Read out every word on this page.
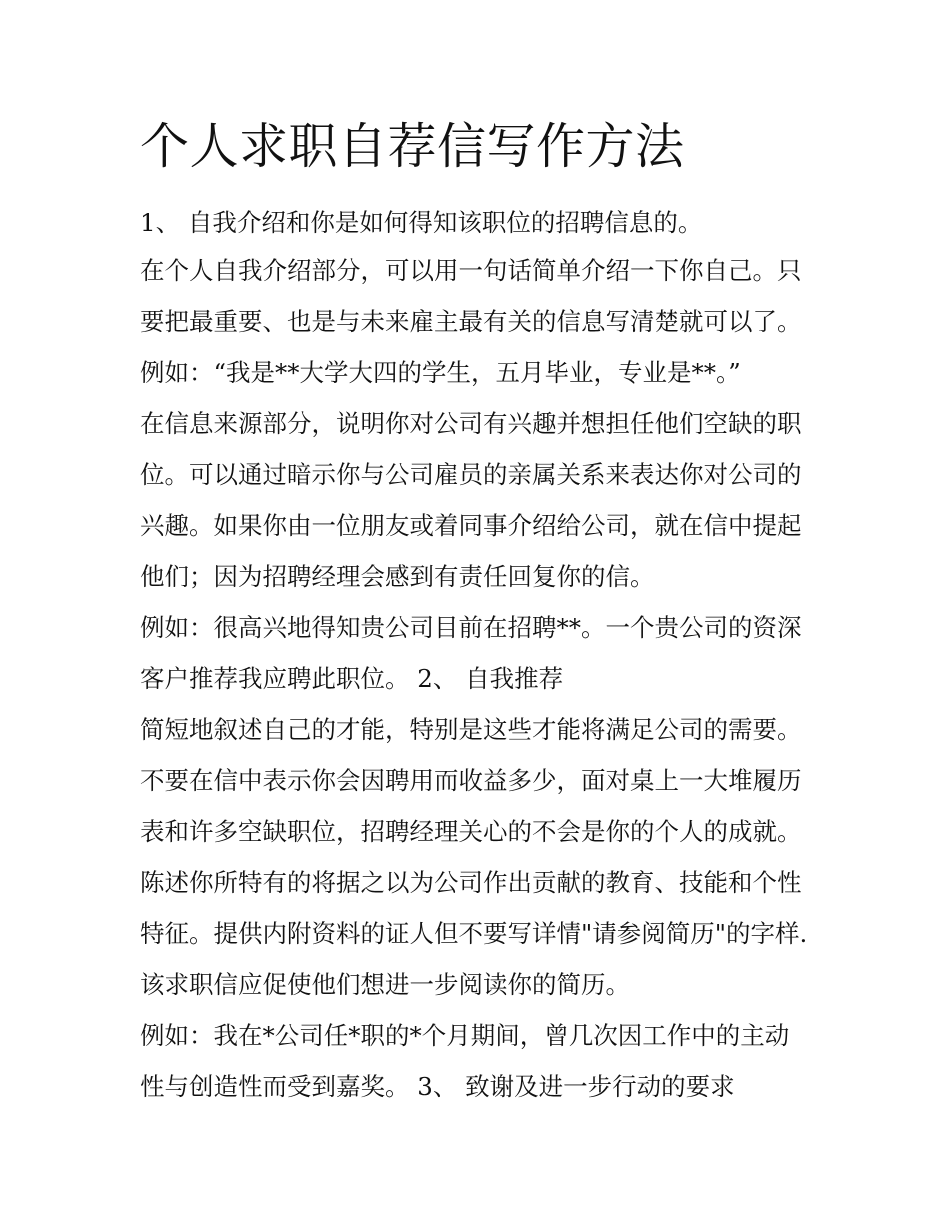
个人求职自荐信写作方法
1、 自我介绍和你是如何得知该职位的招聘信息的。
在个人自我介绍部分，可以用一句话简单介绍一下你自己。只
要把最重要、也是与未来雇主最有关的信息写清楚就可以了。
例如：“我是**大学大四的学生，五月毕业，专业是**。”
在信息来源部分，说明你对公司有兴趣并想担任他们空缺的职
位。可以通过暗示你与公司雇员的亲属关系来表达你对公司的
兴趣。如果你由一位朋友或着同事介绍给公司，就在信中提起
他们；因为招聘经理会感到有责任回复你的信。
例如：很高兴地得知贵公司目前在招聘**。一个贵公司的资深
客户推荐我应聘此职位。 2、 自我推荐
简短地叙述自己的才能，特别是这些才能将满足公司的需要。
不要在信中表示你会因聘用而收益多少，面对桌上一大堆履历
表和许多空缺职位，招聘经理关心的不会是你的个人的成就。
陈述你所特有的将据之以为公司作出贡献的教育、技能和个性
特征。提供内附资料的证人但不要写详情"请参阅简历"的字样.
该求职信应促使他们想进一步阅读你的简历。
例如：我在*公司任*职的*个月期间，曾几次因工作中的主动
性与创造性而受到嘉奖。 3、 致谢及进一步行动的要求
